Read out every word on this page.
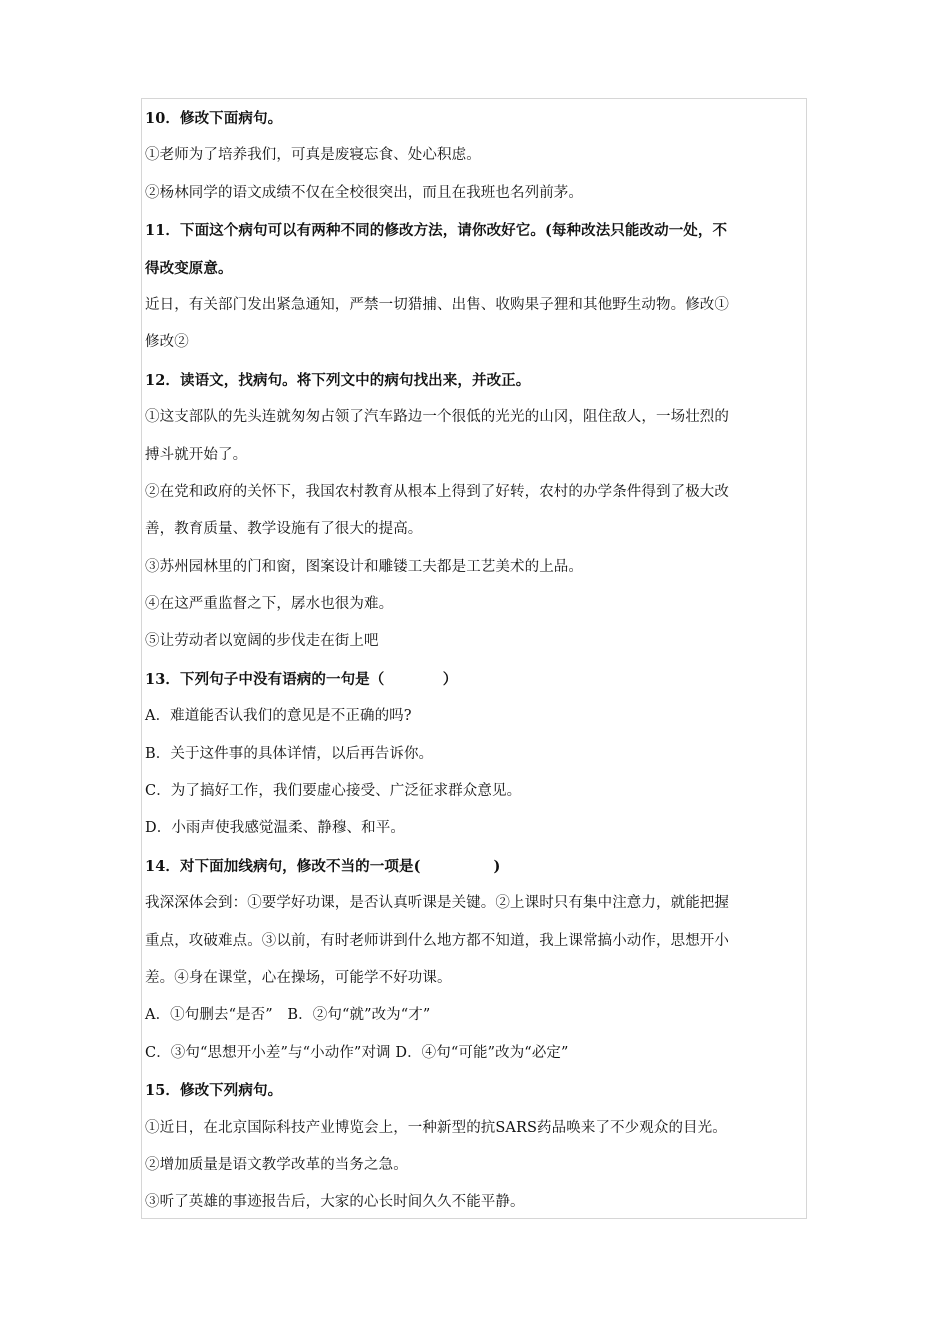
10．修改下面病句。
①老师为了培养我们，可真是废寝忘食、处心积虑。
②杨林同学的语文成绩不仅在全校很突出，而且在我班也名列前茅。
11．下面这个病句可以有两种不同的修改方法，请你改好它。(每种改法只能改动一处，不
得改变原意。
近日，有关部门发出紧急通知，严禁一切猎捕、出售、收购果子狸和其他野生动物。修改①
修改②
12．读语文，找病句。将下列文中的病句找出来，并改正。
①这支部队的先头连就匆匆占领了汽车路边一个很低的光光的山冈，阻住敌人，一场壮烈的
搏斗就开始了。
②在党和政府的关怀下，我国农村教育从根本上得到了好转，农村的办学条件得到了极大改
善，教育质量、教学设施有了很大的提高。
③苏州园林里的门和窗，图案设计和雕镂工夫都是工艺美术的上品。
④在这严重监督之下，孱水也很为难。
⑤让劳动者以宽阔的步伐走在街上吧
13．下列句子中没有语病的一句是（　　　　）
A．难道能否认我们的意见是不正确的吗?
B．关于这件事的具体详情，以后再告诉你。
C．为了搞好工作，我们要虚心接受、广泛征求群众意见。
D．小雨声使我感觉温柔、静穆、和平。
14．对下面加线病句，修改不当的一项是(　　　　　)
我深深体会到：①要学好功课，是否认真听课是关键。②上课时只有集中注意力，就能把握
重点，攻破难点。③以前，有时老师讲到什么地方都不知道，我上课常搞小动作，思想开小
差。④身在课堂，心在操场，可能学不好功课。
A．①句删去“是否”　B．②句“就”改为“才”
C．③句“思想开小差”与“小动作”对调 D．④句“可能”改为“必定”
15．修改下列病句。
①近日，在北京国际科技产业博览会上，一种新型的抗SARS药品唤来了不少观众的目光。
②增加质量是语文教学改革的当务之急。
③听了英雄的事迹报告后，大家的心长时间久久不能平静。
